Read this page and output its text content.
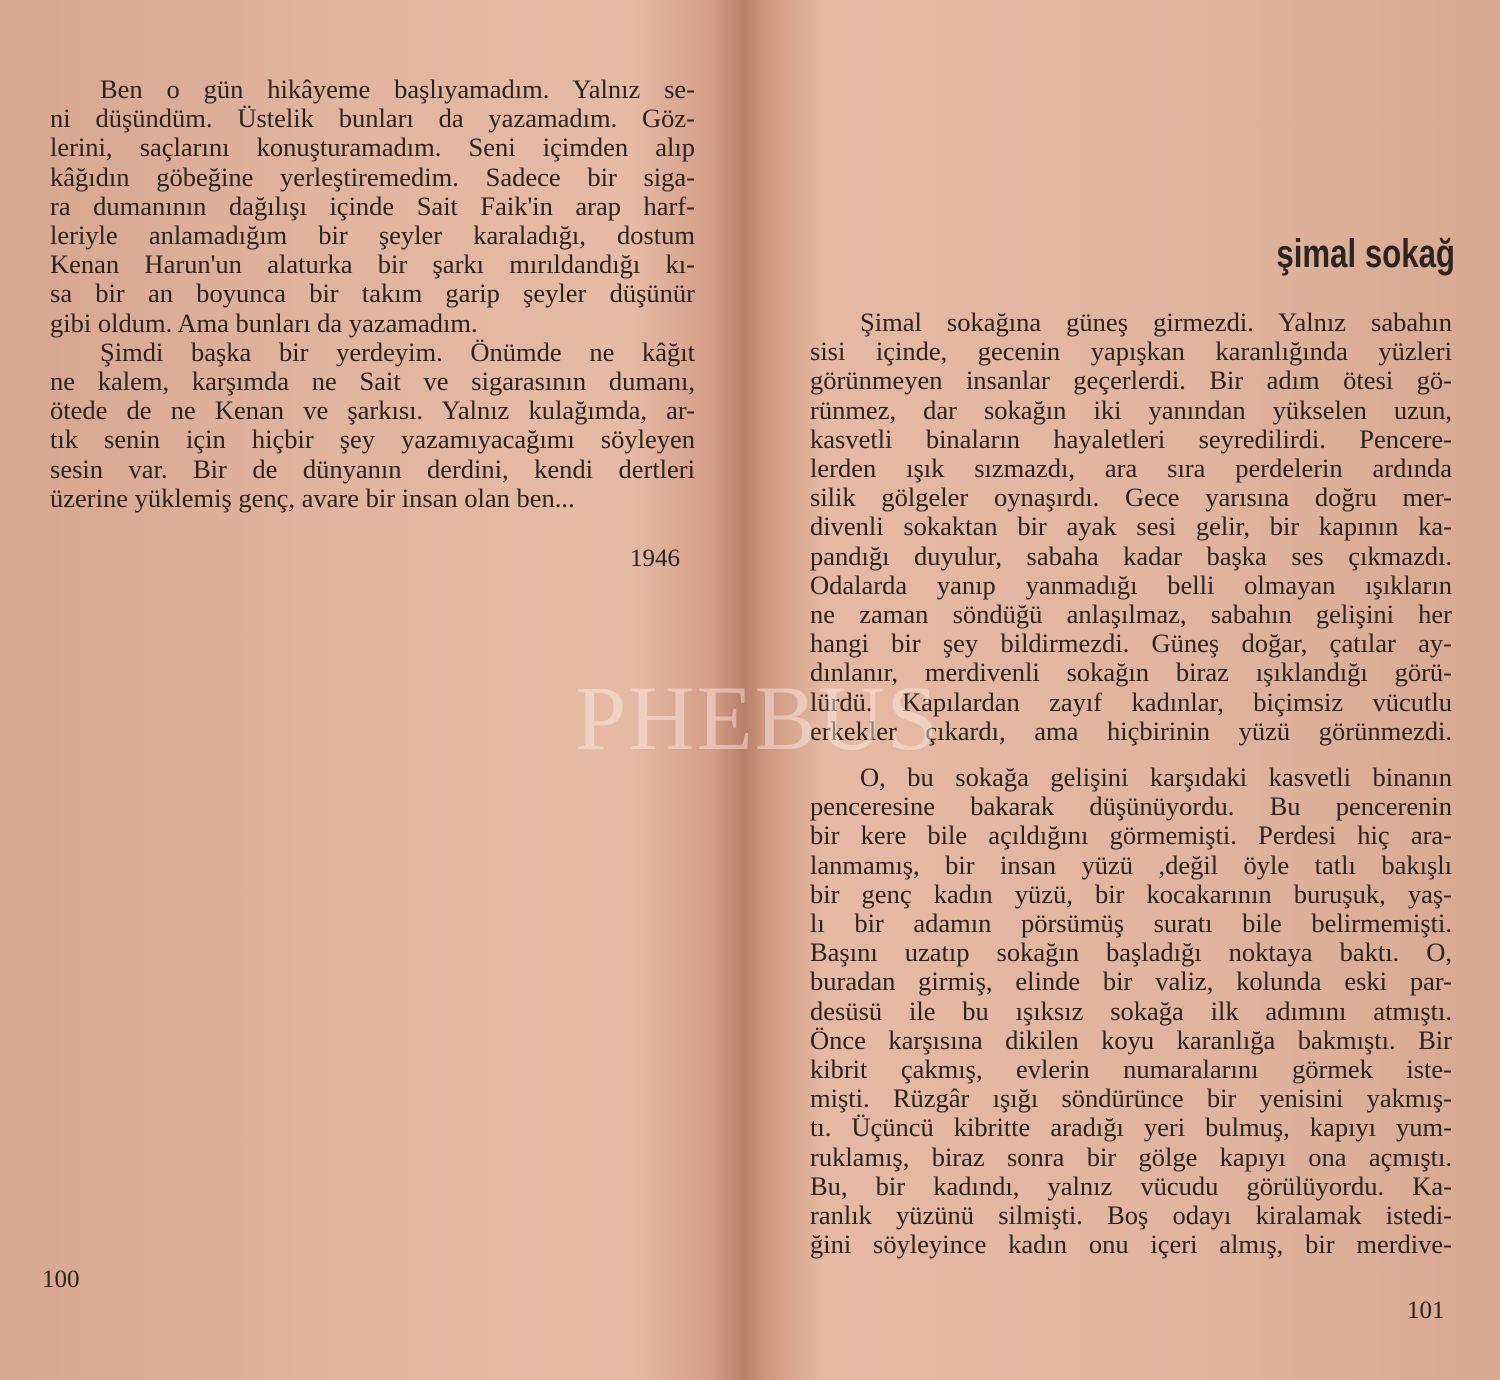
Ben o gün hikâyeme başlıyamadım. Yalnız se-
ni düşündüm. Üstelik bunları da yazamadım. Göz-
lerini, saçlarını konuşturamadım. Seni içimden alıp
kâğıdın göbeğine yerleştiremedim. Sadece bir siga-
ra dumanının dağılışı içinde Sait Faik'in arap harf-
leriyle anlamadığım bir şeyler karaladığı, dostum
Kenan Harun'un alaturka bir şarkı mırıldandığı kı-
sa bir an boyunca bir takım garip şeyler düşünür
gibi oldum. Ama bunları da yazamadım.
Şimdi başka bir yerdeyim. Önümde ne kâğıt
ne kalem, karşımda ne Sait ve sigarasının dumanı,
ötede de ne Kenan ve şarkısı. Yalnız kulağımda, ar-
tık senin için hiçbir şey yazamıyacağımı söyleyen
sesin var. Bir de dünyanın derdini, kendi dertleri
üzerine yüklemiş genç, avare bir insan olan ben...
1946
100
şimal sokağ
Şimal sokağına güneş girmezdi. Yalnız sabahın
sisi içinde, gecenin yapışkan karanlığında yüzleri
görünmeyen insanlar geçerlerdi. Bir adım ötesi gö-
rünmez, dar sokağın iki yanından yükselen uzun,
kasvetli binaların hayaletleri seyredilirdi. Pencere-
lerden ışık sızmazdı, ara sıra perdelerin ardında
silik gölgeler oynaşırdı. Gece yarısına doğru mer-
divenli sokaktan bir ayak sesi gelir, bir kapının ka-
pandığı duyulur, sabaha kadar başka ses çıkmazdı.
Odalarda yanıp yanmadığı belli olmayan ışıkların
ne zaman söndüğü anlaşılmaz, sabahın gelişini her
hangi bir şey bildirmezdi. Güneş doğar, çatılar ay-
dınlanır, merdivenli sokağın biraz ışıklandığı görü-
lürdü. Kapılardan zayıf kadınlar, biçimsiz vücutlu
erkekler çıkardı, ama hiçbirinin yüzü görünmezdi.
O, bu sokağa gelişini karşıdaki kasvetli binanın
penceresine bakarak düşünüyordu. Bu pencerenin
bir kere bile açıldığını görmemişti. Perdesi hiç ara-
lanmamış, bir insan yüzü ,değil öyle tatlı bakışlı
bir genç kadın yüzü, bir kocakarının buruşuk, yaş-
lı bir adamın pörsümüş suratı bile belirmemişti.
Başını uzatıp sokağın başladığı noktaya baktı. O,
buradan girmiş, elinde bir valiz, kolunda eski par-
desüsü ile bu ışıksız sokağa ilk adımını atmıştı.
Önce karşısına dikilen koyu karanlığa bakmıştı. Bir
kibrit çakmış, evlerin numaralarını görmek iste-
mişti. Rüzgâr ışığı söndürünce bir yenisini yakmış-
tı. Üçüncü kibritte aradığı yeri bulmuş, kapıyı yum-
ruklamış, biraz sonra bir gölge kapıyı ona açmıştı.
Bu, bir kadındı, yalnız vücudu görülüyordu. Ka-
ranlık yüzünü silmişti. Boş odayı kiralamak istedi-
ğini söyleyince kadın onu içeri almış, bir merdive-
101
PHEBUS
